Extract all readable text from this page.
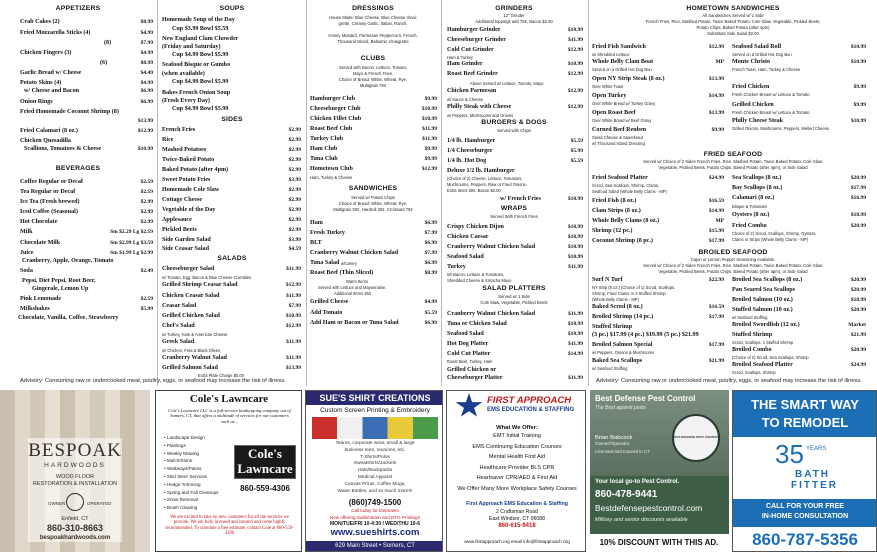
APPETIZERS
Crab Cakes (2)	$8.99
Fried Mozzarella Sticks (4)	$4.99
(8)	$7.99
Chicken Fingers (3)	$4.99
(6)	$8.99
Garlic Bread w/ Cheese	$4.49
Potato Skins (4)	$4.99
w/ Cheese and Bacon	$6.99
Onion Rings	$6.99
Fried Homemade Coconut Shrimp (8)
$13.99
Fried Calamari (8 oz.)	$12.99
Chicken Quesadilla
Scallions, Tomatoes & Cheese	$10.99
BEVERAGES
Coffee Regular or Decaf	$2.59
Tea Regular or Decaf	$2.59
Ice Tea (Fresh brewed)	$2.99
Iced Coffee (Seasonal)	$2.99
Hot Chocolate	$2.99
Milk	Sm $2.29 Lg $2.59
Chocolate Milk	Sm $2.99 Lg $3.59
Juice	Sm $1.99 Lg $2.99
Cranberry, Apple, Orange, Tomato
Soda	$2.49
Pepsi, Diet Pepsi, Root Beer,
Gingerale, Lemon Up
Pink Lemonade	$2.59
Milkshakes	$5.99
Chocolate, Vanilla, Coffee, Strawberry
SOUPS
Homemade Soup of the Day
Cup $3.99 Bowl $5.59
New England Clam Chowder
(Friday and Saturday)
Cup $4.99 Bowl $5.99
Seafood Bisque or Gumbo
(when available)
Cup $4.99 Bowl $5.99
Bakes French Onion Soup
(Fresh Every Day)
Cup $4.99 Bowl $5.99
SIDES
French Fries	$2.99
Rice	$2.99
Mashed Potatoes	$2.99
Twice-Baked Potato	$2.99
Baked Potato (after 4pm)	$2.99
Sweet Potato Fries	$3.99
Homemade Cole Slaw	$2.99
Cottage Cheese	$2.99
Vegetable of the Day	$2.99
Applesauce	$2.99
Pickled Beets	$2.99
Side Garden Salad	$3.99
Side Ceasar Salad	$4.59
SALADS
Cheeseburger Salad	$11.99
w/ Tomato, Egg, Bacon & Blue Cheese Crumbles
Grilled Shrimp Ceasar Salad	$12.99
Chicken Ceasar Salad	$11.99
Ceasar Salad	$7.99
Grilled Chicken Salad	$10.99
Chef's Salad	$12.99
w/ Turkey, Ham & American Cheese
Greek Salad	$11.99
w/ Chicken, Feta & Black Olives
Cranberry Walnut Salad	$11.99
Grilled Salmon Salad	$13.99
Extra Plate Charge $5.00
DRESSINGS
House Made: Blue Cheese, Blue Cheese Vinai-
grette, Creamy Garlic, Italian, Ranch.
Honey Mustard, Parmesan Peppercorn, French,
Thousand Island, Balsamic Vinaigrette
CLUBS
Served with Bacon, Lettuce, Tomato,
Mayo & French Fries.
Choice of Bread: White, Wheat, Rye.
Multigrain 75¢
Hamburger Club	$9.99
Cheeseburger Club	$10.99
Chicken Fillet Club	$10.99
Roast Beef Club	$11.99
Turkey Club	$11.99
Ham Club	$9.99
Tuna Club	$9.99
Hometown Club	$12.99
Ham, Turkey & Cheese
SANDWICHES
Served w/ Potato Chips
Choice of Bread: White, Wheat, Rye,
Multigrain 50¢, Hardroll 25¢, Croissant 75¢
Ham	$6.99
Fresh Turkey	$7.99
BLT	$6.99
Cranberry Walnut Chicken Salad	$7.99
Tuna Salad	$6.99
w/Celery
Roast Beef (Thin Sliced)	$8.99
Warm Items
Served with Lettuce and Mayonnaise.
Additional Items 25¢
Grilled Cheese	$4.99
Add Tomato	$5.59
Add Ham or Bacon or Tuna Salad	$6.99
GRINDERS
12" Grinder
Additional toppings add 75¢, Bacon $2.00
Hamburger Grinder	$10.99
Cheeseburger Grinder	$11.99
Cold Cut Grinder	$12.99
Ham & Turkey
Ham Grinder	$10.99
Roast Beef Grinder	$12.99
Above Served w/ Lettuce, Tomato, Mayo
Chicken Parmesan	$12.99
w/ Sauce & Cheese
Philly Steak with Cheese	$12.99
w/ Peppers, Mushrooms and Onions
BURGERS & DOGS
Served with Chips
1/4 lb. Hamburger	$5.59
1/4 Cheeseburger	$5.99
1/4 lb. Hot Dog	$5.59
Deluxe 1/2 lb. Hamburger
(Choice of 2) Cheese, Lettuce, Tomatoes,
Mushrooms, Peppers, Raw or Fried Onions.
Extra items 50¢, Bacon $2.00
w/ French Fries	$10.99
WRAPS
Served With French Fries
Crispy Chicken Dijon	$10.99
Chicken Caesar	$10.99
Cranberry Walnut Chicken Salad	$10.99
Seafood Salad	$10.99
Turkey	$11.99
W/ Bacon, Lettuce & Tomatoes,
Shredded Cheese & Sriracha Mayo
SALAD PLATTERS
Served w/ 1 Side
Cole Slaw, Vegetable, Pickled Beets
Cranberry Walnut Chicken Salad	$11.99
Tuna or Chicken Salad	$10.99
Seafood Salad	$10.99
Hot Dog Platter	$11.99
Cold Cut Platter	$14.99
Roast Beef, Turkey, Ham
Grilled Chicken or
Cheeseburger Platter	$11.99
HOMETOWN SANDWICHES
All Sandwiches Served w/ 1 Side
French Fries, Rice, Mashed Potato, Twice Baked Potato, Cole Slaw, Vegetable, Pickled Beets,
Potato Chips, Baked Potato (after 4pm)
Substitute Side Salad $2.00
Fried Fish Sandwich	$12.99
w/ Shredded Lettuce
Whole Belly Clam Boat	MP
Served on a Grilled Hot Dog Bun
Open NY Strip Steak (8 oz.)	$13.99
Over White Toast
Open Turkey	$14.99
Over White Bread w/ Turkey Gravy
Open Roast Beef	$13.99
Over White Bread w/ Beef Gravy
Corned Beef Reuben	$9.99
Swiss Cheese & Sauerkraut
w/ Thousand Island Dressing
Seafood Salad Roll	$10.99
Served on a Grilled Hot Dog Bun
Monte Christo	$10.99
French Toast, Ham, Turkey & Cheese
Fried Chicken	$9.99
Fresh Chicken Breast w/ Lettuce & Tomato
Grilled Chicken	$9.99
Fresh Chicken Breast w/ Lettuce & Tomato
Philly Cheese Steak	$10.99
Grilled Onions, Mushrooms, Peppers, Melted Cheese
FRIED SEAFOOD
Served w/ Choice of 2 Sides French Fries, Rice, Mashed Potato, Twice Baked Potato, Cole Slaw,
Vegetable, Pickled Beets, Potato Chips, Baked Potato (after 4pm), or Side Salad
Fried Seafood Platter	$24.99
Scrod, Sea Scallops, Shrimp, Clams,
Seafood Salad (Whole Belly Clams - MP)
Fried Fish (8 oz.)	$16.59
Clam Strips (8 oz.)	$14.99
Whole Belly Clams (8 oz.)	MP
Shrimp (12 pc.)	$15.99
Coconut Shrimp (8 pc.)	$17.99
Sea Scallops (8 oz.)	$20.99
Bay Scallops (8 oz.)	$17.99
Calamari (8 oz.)	$16.99
Bisque & Tomatoes
Oysters (8 oz.)	$18.99
Fried Combo	$20.99
Choice of 2) Scrod, Scallops, Shrimp, Oysters,
Clams or Strips (Whole Belly Clams - MP)
BROILED SEAFOOD
Cajun or Lemon Pepper Seasoning Available.
Served w/ Choice of 2 Sides French Fries, Rice, Mashed Potato, Twice Baked Potato, Cole Slaw,
Vegetable, Pickled Beets, Potato Chips, Baked Potato (after 4pm), or Side Salad
Surf N Turf	$22.99
NY Strip (8 oz.) (Choice of 1) Scrod, Scallops,
Shrimp, Fried Clams or 3 Stuffed Shrimp
(Whole Belly Clams - MP)
Baked Scrod (8 oz.)	$16.59
Broiled Shrimp (14 pc.)	$17.99
Stuffed Shrimp
(3 pc.) $17.99 (4 pc.) $19.99 (5 pc.) $21.99
Broiled Salmon Special	$17.99
w/ Peppers, Onions & Mushrooms
Baked Sea Scallops	$21.99
w/ Seafood Stuffing
Broiled Sea Scallops (8 oz.)	$20.99
Pan Seared Sea Scallops	$20.99
Broiled Salmon (10 oz.)	$18.99
Stuffed Salmon (10 oz.)	$20.99
w/ Seafood Stuffing
Broiled Swordfish (12 oz.)	Market
Stuffed Shrimp	$21.99
Scrod, Scallops, 1 Stuffed Shrimp
Broiled Combo	$20.99
(Choice of 2) Scrod, Sea Scallops, Shrimp
Broiled Seafood Platter	$24.99
Scrod, Scallops, Shrimp
Advisory: Consuming raw or undercooked meat, poultry, eggs, or seafood may increase the risk of illness.	Advisory: Consuming raw or undercooked meat, poultry, eggs, or seafood may increase the risk of illness.
BESPOAK
HARDWOODS
WOOD FLOOR
RESTORATION & INSTALLATION
OWNER	OPERATED
Enfield, CT
860-310-8663
bespoakhardwoods.com
Cole's Lawncare
Cole's Lawncare LLC is a full-service landscaping company out of Somers, CT, that offers a multitude of services for our customers such as...
• Landscape Design
• Plantings
• Weekly Mowing
• Mulch/Stone
• Walkways/Patios
• Skid Steer Services
• Hedge Trimming
• Spring and Fall Cleanups
• Snow Removal
• Brush Clearing
Cole's
Lawncare
860-559-4306
We are excited to take on new customers for all the services we provide. We are fully licensed and insured and come highly recommended. To schedule a free estimate, contact Cole at 860-559-4306
SUE'S SHIRT CREATIONS
Custom Screen Printing & Embroidery
Teams, corporate wear, small & large
business tees, reunions, etc.
T-Shirts/Polos
Sweatshirts/Jackets
Hats/Backpacks
Medical Apparel
Canvas Prints, Coffee Mugs,
Water Bottles, and so much more!!!
(860)749-1500
Call today for Estimates
Now offering Sublimation and DTG Printing!!
MON/TUE/FRI 10-4:30 / WED/THU 10-6
www.sueshirts.com
629 Main Street • Somers, CT
FIRST APPROACH
EMS EDUCATION & STAFFING
What We Offer:
EMT Initial Training
EMS Continuing Education Courses
Mental Health First Aid
Healthcare Provider BLS CPR
Heartsaver CPR/AED & First Aid
We Offer Many More Workplace Safety Courses
First Approach EMS Education & Staffing
2 Craftsman Road
East Windsor, CT 06088
860-615-9418
www.firstapproach.org email info@firstapproach.org
Best Defense Pest Control
The Best against pests
Brian Babcock
Owner/Operator
Licensed and Insured in CT
BEST DEFENSE PEST CONTROL
Your local go-to Pest Control.
860-478-9441
Bestdefensepestcontrol.com
Military and senior discounts available
10% DISCOUNT WITH THIS AD.
THE SMART WAY
TO REMODEL
35 YEARS
BATH
FITTER
CALL FOR YOUR FREE
IN-HOME CONSULTATION
860-787-5356
